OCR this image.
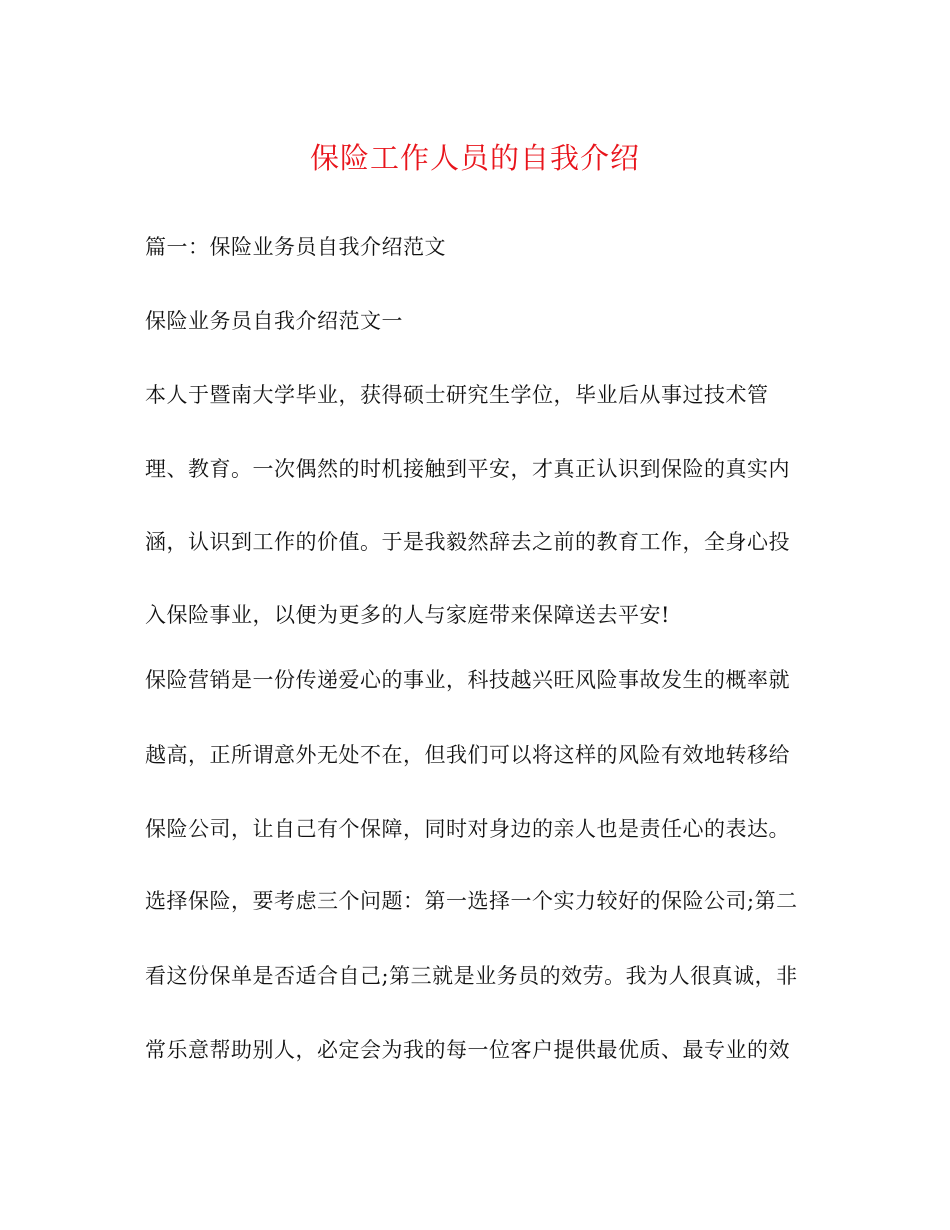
保险工作人员的自我介绍
篇一：保险业务员自我介绍范文
保险业务员自我介绍范文一
本人于暨南大学毕业，获得硕士研究生学位，毕业后从事过技术管
理、教育。一次偶然的时机接触到平安，才真正认识到保险的真实内
涵，认识到工作的价值。于是我毅然辞去之前的教育工作，全身心投
入保险事业，以便为更多的人与家庭带来保障送去平安!
保险营销是一份传递爱心的事业，科技越兴旺风险事故发生的概率就
越高，正所谓意外无处不在，但我们可以将这样的风险有效地转移给
保险公司，让自己有个保障，同时对身边的亲人也是责任心的表达。
选择保险，要考虑三个问题：第一选择一个实力较好的保险公司;第二
看这份保单是否适合自己;第三就是业务员的效劳。我为人很真诚，非
常乐意帮助别人，必定会为我的每一位客户提供最优质、最专业的效
